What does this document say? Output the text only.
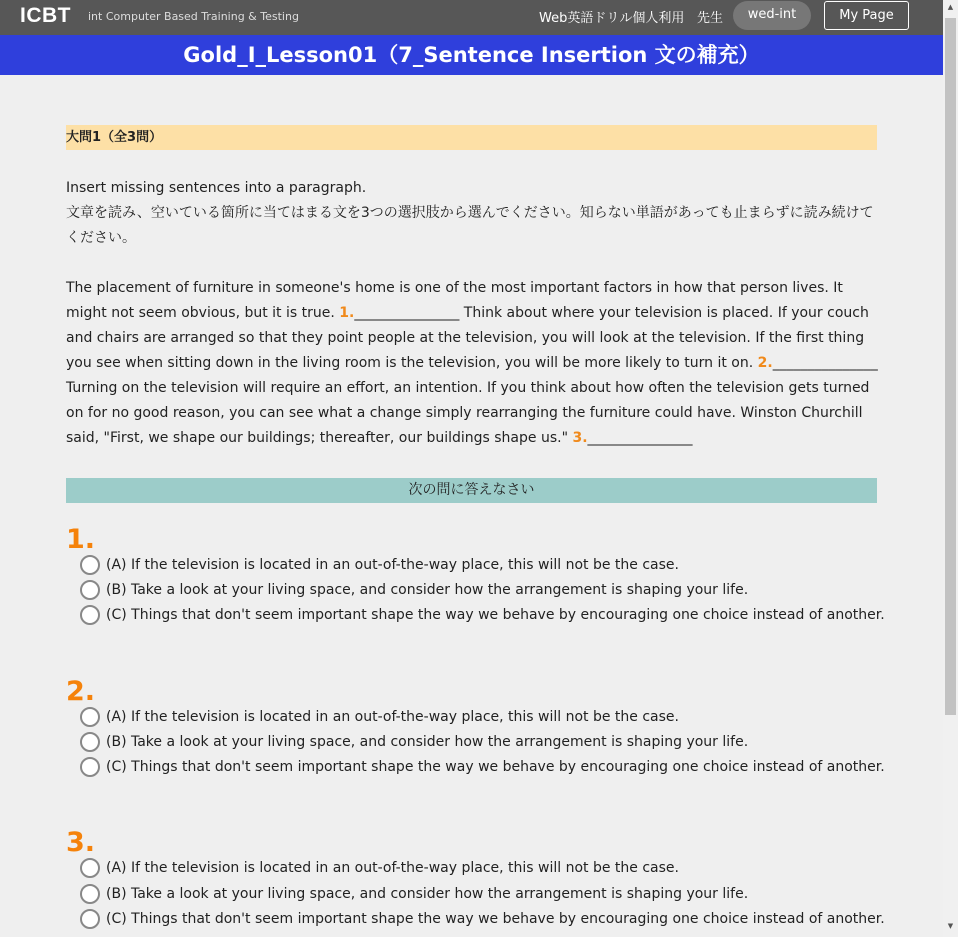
ICBT int Computer Based Training & Testing	Web英語ドリル個人利用 先生	wed-int	My Page
Gold_I_Lesson01（7_Sentence Insertion 文の補充）
大問1（全3問）
Insert missing sentences into a paragraph.
文章を読み、空いている箇所に当てはまる文を3つの選択肢から選んでください。知らない単語があっても止まらずに読み続けてください。
The placement of furniture in someone's home is one of the most important factors in how that person lives. It might not seem obvious, but it is true. 1._______________ Think about where your television is placed. If your couch and chairs are arranged so that they point people at the television, you will look at the television. If the first thing you see when sitting down in the living room is the television, you will be more likely to turn it on. 2._______________ Turning on the television will require an effort, an intention. If you think about how often the television gets turned on for no good reason, you can see what a change simply rearranging the furniture could have. Winston Churchill said, "First, we shape our buildings; thereafter, our buildings shape us." 3._______________
次の問に答えなさい
1.
(A) If the television is located in an out-of-the-way place, this will not be the case.
(B) Take a look at your living space, and consider how the arrangement is shaping your life.
(C) Things that don't seem important shape the way we behave by encouraging one choice instead of another.
2.
(A) If the television is located in an out-of-the-way place, this will not be the case.
(B) Take a look at your living space, and consider how the arrangement is shaping your life.
(C) Things that don't seem important shape the way we behave by encouraging one choice instead of another.
3.
(A) If the television is located in an out-of-the-way place, this will not be the case.
(B) Take a look at your living space, and consider how the arrangement is shaping your life.
(C) Things that don't seem important shape the way we behave by encouraging one choice instead of another.
▲
▼
